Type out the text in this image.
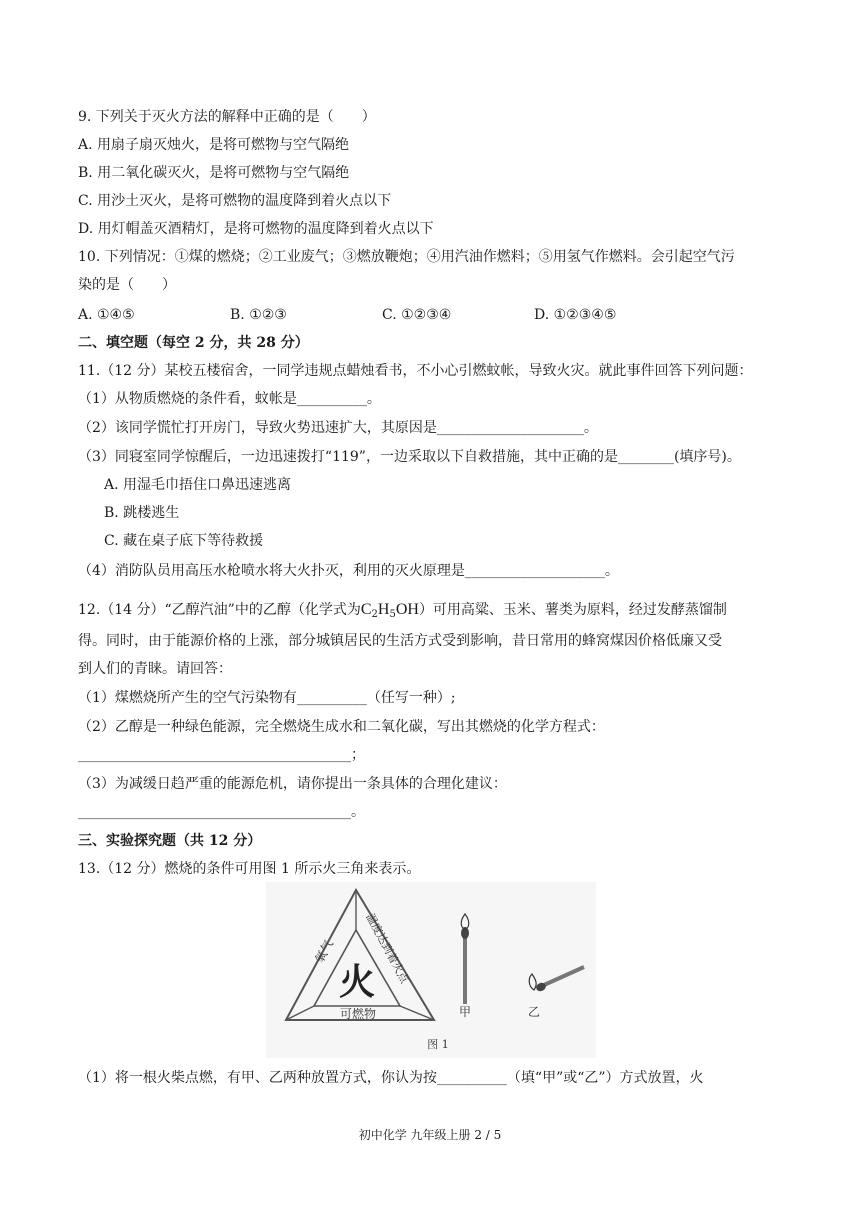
9. 下列关于灭火方法的解释中正确的是（　　）
A. 用扇子扇灭烛火，是将可燃物与空气隔绝
B. 用二氧化碳灭火，是将可燃物与空气隔绝
C. 用沙土灭火，是将可燃物的温度降到着火点以下
D. 用灯帽盖灭酒精灯，是将可燃物的温度降到着火点以下
10. 下列情况：①煤的燃烧；②工业废气；③燃放鞭炮；④用汽油作燃料；⑤用氢气作燃料。会引起空气污
染的是（　　）
A. ①④⑤	B. ①②③	C. ①②③④	D. ①②③④⑤
二、填空题（每空 2 分，共 28 分）
11.（12 分）某校五楼宿舍，一同学违规点蜡烛看书，不小心引燃蚊帐，导致火灾。就此事件回答下列问题：
（1）从物质燃烧的条件看，蚊帐是__________。
（2）该同学慌忙打开房门，导致火势迅速扩大，其原因是_____________________。
（3）同寝室同学惊醒后，一边迅速拨打“119”，一边采取以下自救措施，其中正确的是________(填序号)。
A. 用湿毛巾捂住口鼻迅速逃离
B. 跳楼逃生
C. 藏在桌子底下等待救援
（4）消防队员用高压水枪喷水将大火扑灭，利用的灭火原理是____________________。
12.（14 分）“乙醇汽油”中的乙醇（化学式为$C_2H_5OH$）可用高粱、玉米、薯类为原料，经过发酵蒸馏制
得。同时，由于能源价格的上涨，部分城镇居民的生活方式受到影响，昔日常用的蜂窝煤因价格低廉又受
到人们的青睐。请回答：
（1）煤燃烧所产生的空气污染物有__________（任写一种）;
（2）乙醇是一种绿色能源，完全燃烧生成水和二氧化碳，写出其燃烧的化学方程式：
_______________________________________；
（3）为减缓日趋严重的能源危机，请你提出一条具体的合理化建议：
_______________________________________。
三、实验探究题（共 12 分）
13.（12 分）燃烧的条件可用图 1 所示火三角来表示。
氧气 温度达到着火点
可燃物
火
甲	乙
图 1
（1）将一根火柴点燃，有甲、乙两种放置方式，你认为按__________（填“甲”或“乙”）方式放置，火
初中化学 九年级上册 2 / 5
